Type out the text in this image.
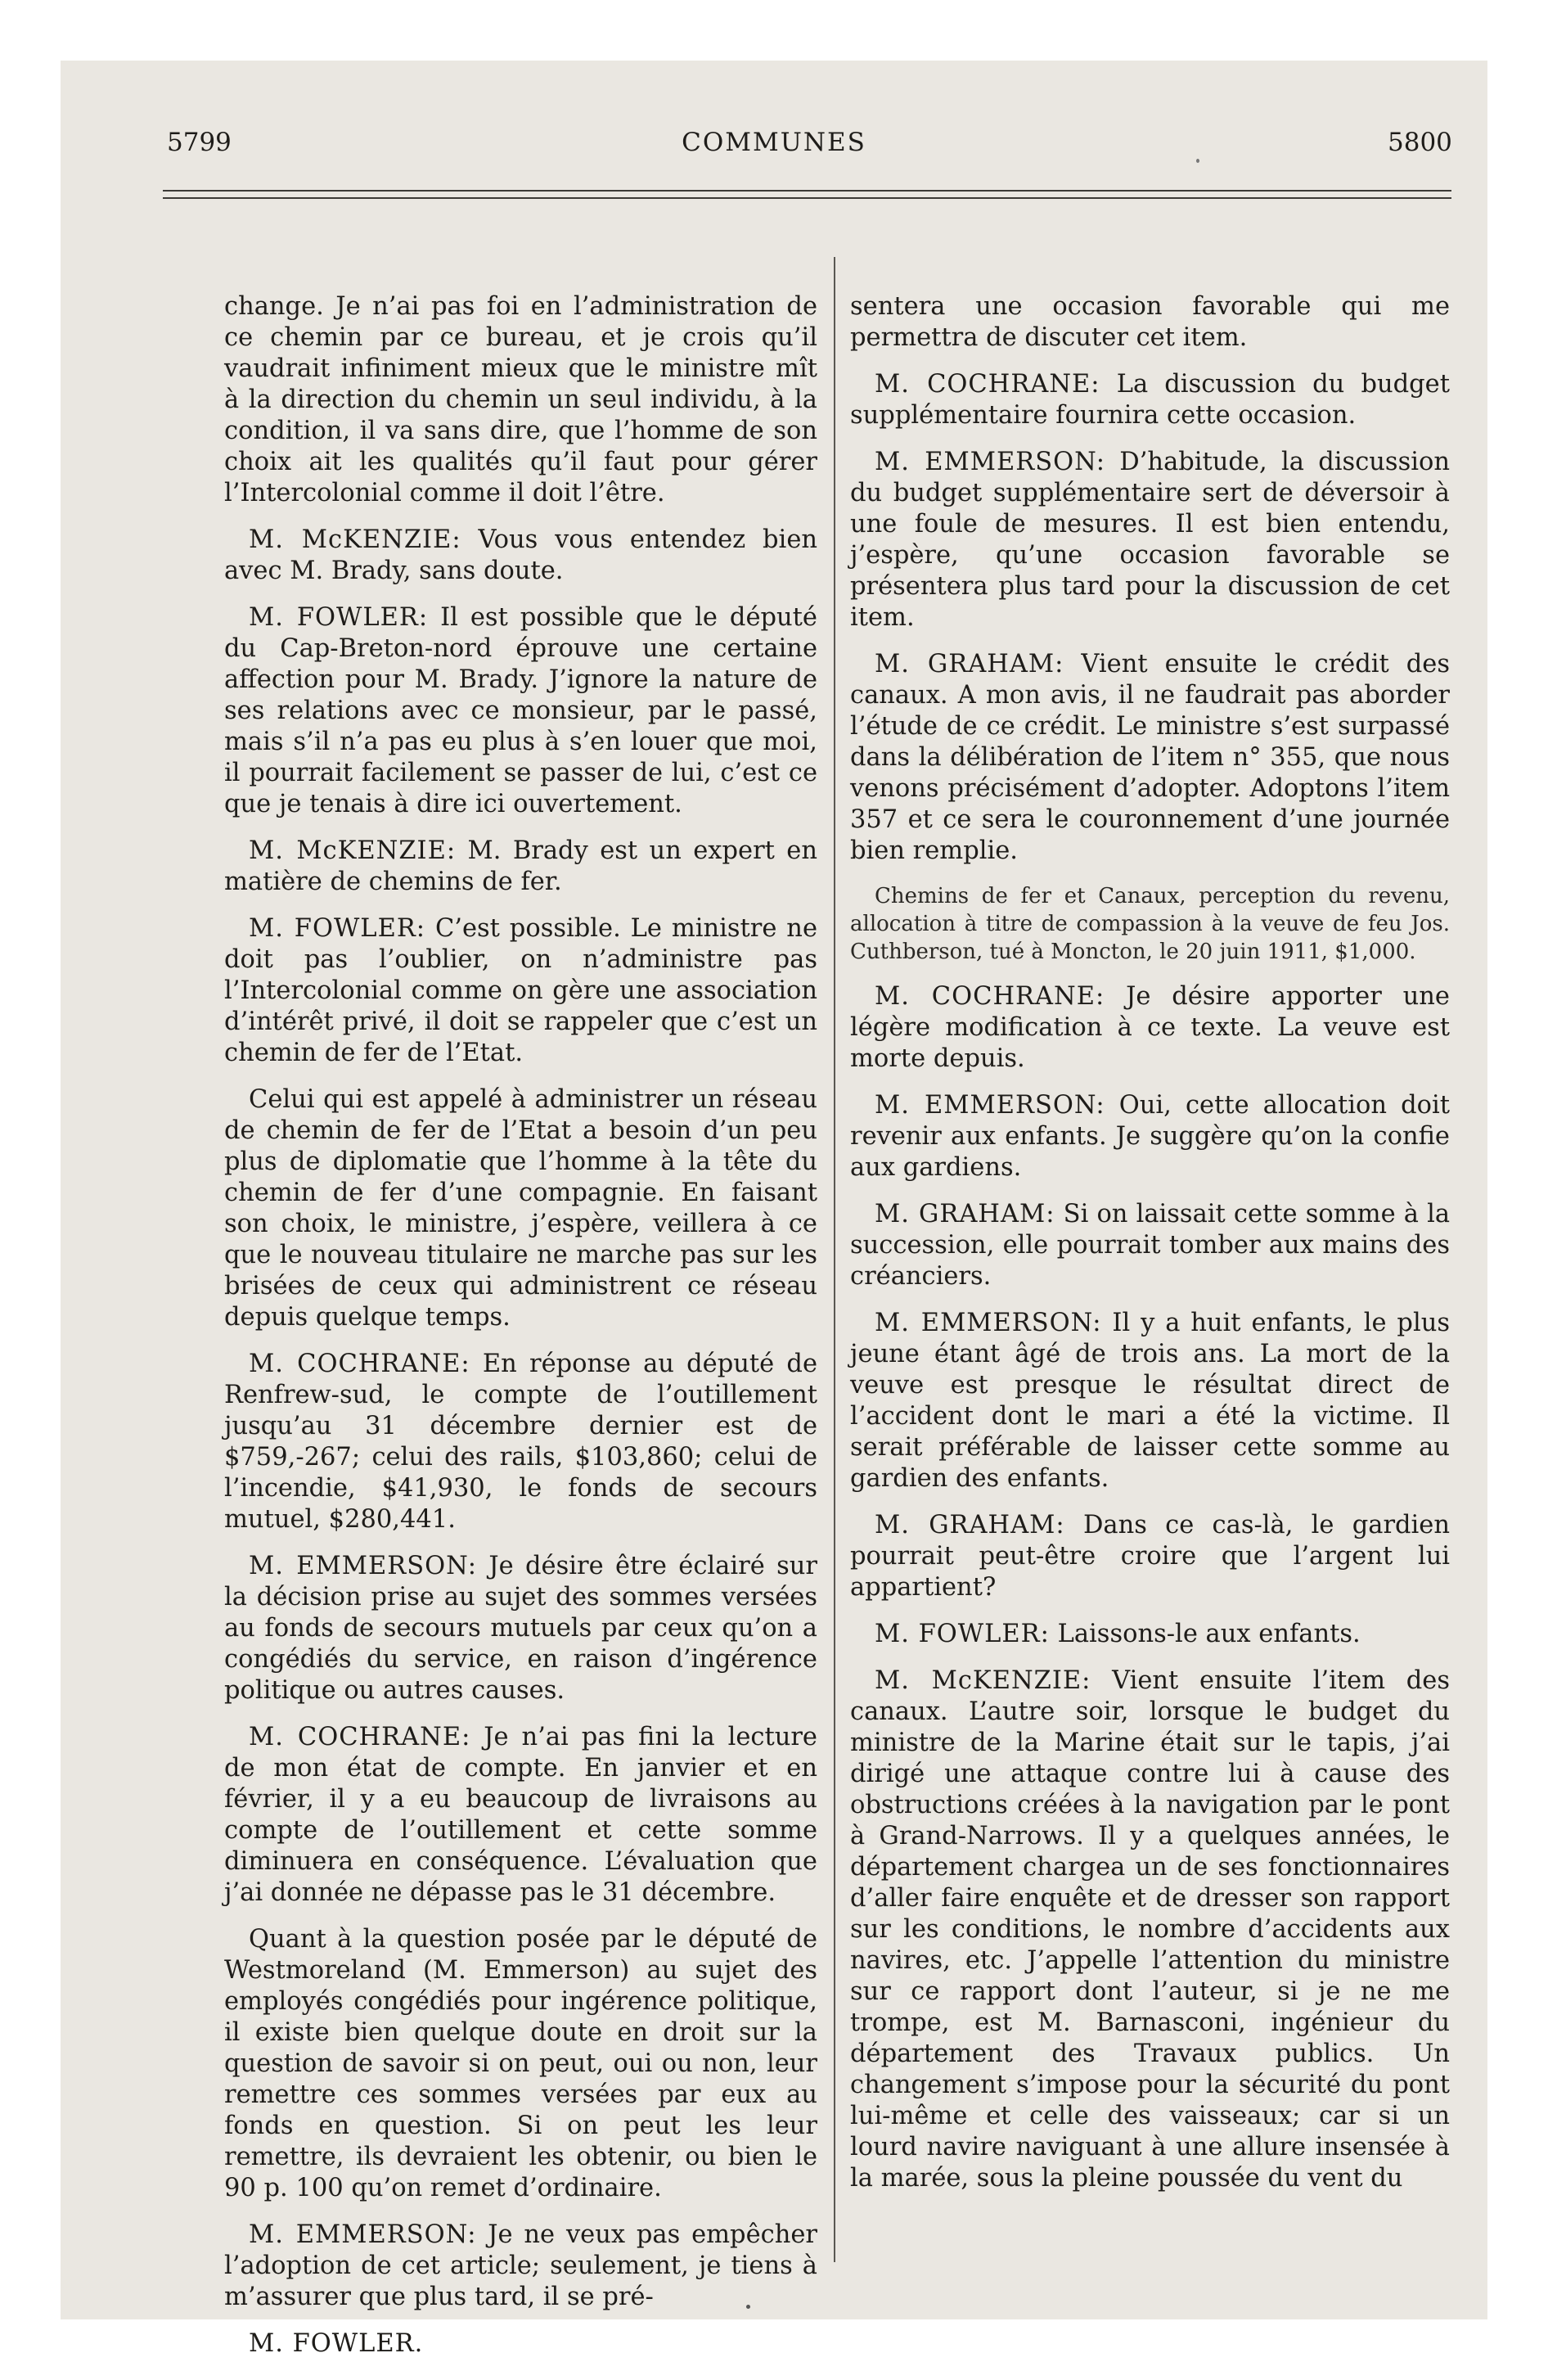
5799	COMMUNES	5800

change. Je n’ai pas foi en l’administration de ce chemin par ce bureau, et je crois qu’il vaudrait infiniment mieux que le ministre mît à la direction du chemin un seul individu, à la condition, il va sans dire, que l’homme de son choix ait les qualités qu’il faut pour gérer l’Intercolonial comme il doit l’être.

M. McKENZIE: Vous vous entendez bien avec M. Brady, sans doute.

M. FOWLER: Il est possible que le député du Cap-Breton-nord éprouve une certaine affection pour M. Brady. J’ignore la nature de ses relations avec ce monsieur, par le passé, mais s’il n’a pas eu plus à s’en louer que moi, il pourrait facilement se passer de lui, c’est ce que je tenais à dire ici ouvertement.

M. McKENZIE: M. Brady est un expert en matière de chemins de fer.

M. FOWLER: C’est possible. Le ministre ne doit pas l’oublier, on n’administre pas l’Intercolonial comme on gère une association d’intérêt privé, il doit se rappeler que c’est un chemin de fer de l’Etat.

Celui qui est appelé à administrer un réseau de chemin de fer de l’Etat a besoin d’un peu plus de diplomatie que l’homme à la tête du chemin de fer d’une compagnie. En faisant son choix, le ministre, j’espère, veillera à ce que le nouveau titulaire ne marche pas sur les brisées de ceux qui administrent ce réseau depuis quelque temps.

M. COCHRANE: En réponse au député de Renfrew-sud, le compte de l’outillement jusqu’au 31 décembre dernier est de $759,-267; celui des rails, $103,860; celui de l’incendie, $41,930, le fonds de secours mutuel, $280,441.

M. EMMERSON: Je désire être éclairé sur la décision prise au sujet des sommes versées au fonds de secours mutuels par ceux qu’on a congédiés du service, en raison d’ingérence politique ou autres causes.

M. COCHRANE: Je n’ai pas fini la lecture de mon état de compte. En janvier et en février, il y a eu beaucoup de livraisons au compte de l’outillement et cette somme diminuera en conséquence. L’évaluation que j’ai donnée ne dépasse pas le 31 décembre.

Quant à la question posée par le député de Westmoreland (M. Emmerson) au sujet des employés congédiés pour ingérence politique, il existe bien quelque doute en droit sur la question de savoir si on peut, oui ou non, leur remettre ces sommes versées par eux au fonds en question. Si on peut les leur remettre, ils devraient les obtenir, ou bien le 90 p. 100 qu’on remet d’ordinaire.

M. EMMERSON: Je ne veux pas empêcher l’adoption de cet article; seulement, je tiens à m’assurer que plus tard, il se pré-

M. FOWLER.

sentera une occasion favorable qui me permettra de discuter cet item.

M. COCHRANE: La discussion du budget supplémentaire fournira cette occasion.

M. EMMERSON: D’habitude, la discussion du budget supplémentaire sert de déversoir à une foule de mesures. Il est bien entendu, j’espère, qu’une occasion favorable se présentera plus tard pour la discussion de cet item.

M. GRAHAM: Vient ensuite le crédit des canaux. A mon avis, il ne faudrait pas aborder l’étude de ce crédit. Le ministre s’est surpassé dans la délibération de l’item n° 355, que nous venons précisément d’adopter. Adoptons l’item 357 et ce sera le couronnement d’une journée bien remplie.

Chemins de fer et Canaux, perception du revenu, allocation à titre de compassion à la veuve de feu Jos. Cuthberson, tué à Moncton, le 20 juin 1911, $1,000.

M. COCHRANE: Je désire apporter une légère modification à ce texte. La veuve est morte depuis.

M. EMMERSON: Oui, cette allocation doit revenir aux enfants. Je suggère qu’on la confie aux gardiens.

M. GRAHAM: Si on laissait cette somme à la succession, elle pourrait tomber aux mains des créanciers.

M. EMMERSON: Il y a huit enfants, le plus jeune étant âgé de trois ans. La mort de la veuve est presque le résultat direct de l’accident dont le mari a été la victime. Il serait préférable de laisser cette somme au gardien des enfants.

M. GRAHAM: Dans ce cas-là, le gardien pourrait peut-être croire que l’argent lui appartient?

M. FOWLER: Laissons-le aux enfants.

M. McKENZIE: Vient ensuite l’item des canaux. L’autre soir, lorsque le budget du ministre de la Marine était sur le tapis, j’ai dirigé une attaque contre lui à cause des obstructions créées à la navigation par le pont à Grand-Narrows. Il y a quelques années, le département chargea un de ses fonctionnaires d’aller faire enquête et de dresser son rapport sur les conditions, le nombre d’accidents aux navires, etc. J’appelle l’attention du ministre sur ce rapport dont l’auteur, si je ne me trompe, est M. Barnasconi, ingénieur du département des Travaux publics. Un changement s’impose pour la sécurité du pont lui-même et celle des vaisseaux; car si un lourd navire naviguant à une allure insensée à la marée, sous la pleine poussée du vent du
